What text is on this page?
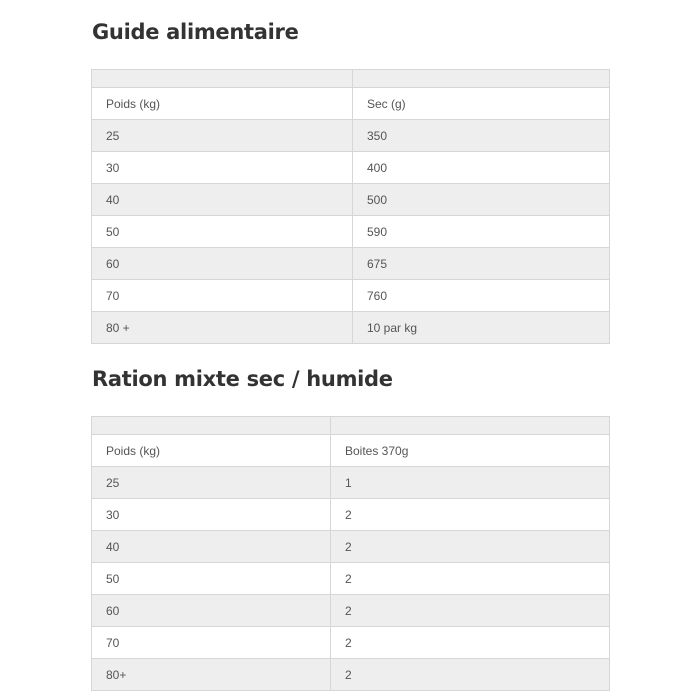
Guide alimentaire

Poids (kg)	Sec (g)
25	350
30	400
40	500
50	590
60	675
70	760
80 +	10 par kg
Ration mixte sec / humide

Poids (kg)	Boites 370g
25	1
30	2
40	2
50	2
60	2
70	2
80+	2
